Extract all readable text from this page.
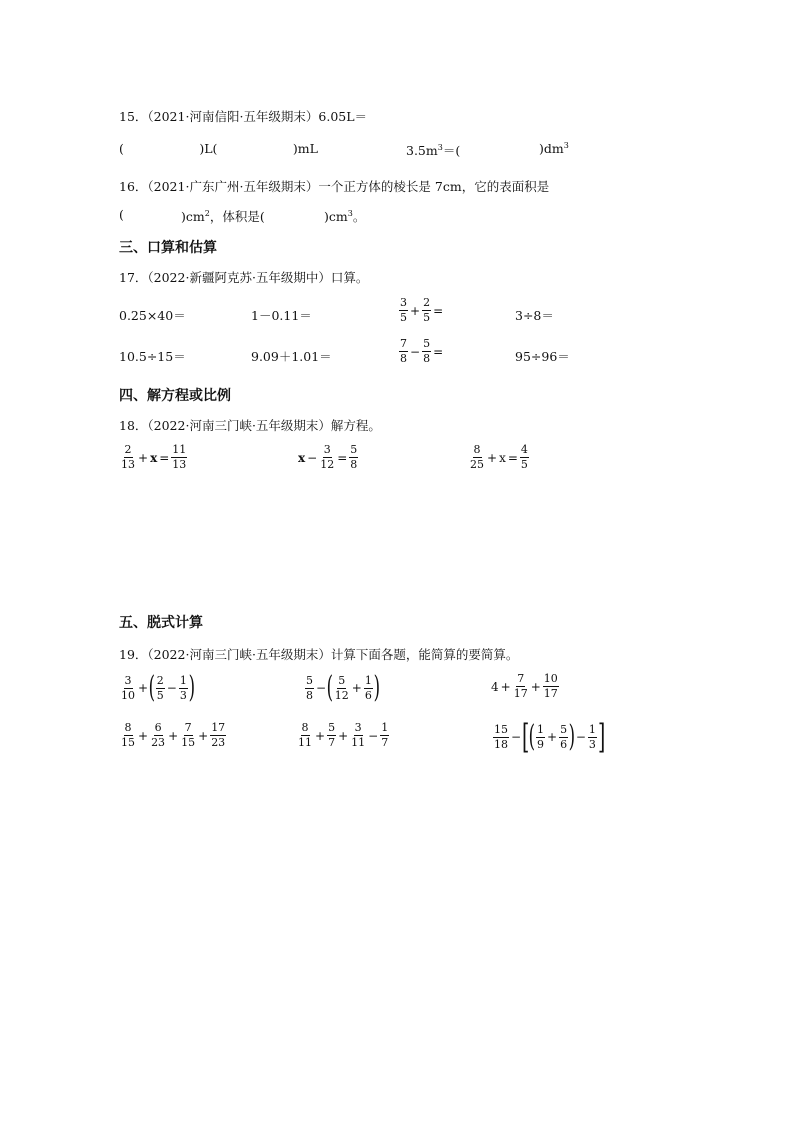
15．（2021·河南信阳·五年级期末）6.05L＝
(                   )L(                   )mL	$3.5m^3=$(	)$dm^3$
16．（2021·广东广州·五年级期末）一个正方体的棱长是 7cm，它的表面积是
(	)$cm^2$，体积是(	)$cm^3$。
三、口算和估算
17．（2022·新疆阿克苏·五年级期中）口算。
0.25×40＝	1－0.11＝	$\frac{3}{5} + \frac{2}{5}$ =	3÷8＝
10.5÷15＝	9.09＋1.01＝	$\frac{7}{8} - \frac{5}{8}$ =	95÷96＝
四、解方程或比例
18．（2022·河南三门峡·五年级期末）解方程。
$\frac{2}{13} + x = \frac{11}{13}$	$x - \frac{3}{12} = \frac{5}{8}$	$\frac{8}{25} + x = \frac{4}{5}$
五、脱式计算
19．（2022·河南三门峡·五年级期末）计算下面各题，能简算的要简算。
$\frac{3}{10}$ + ( $\frac{2}{5} - \frac{1}{3}$ )	$\frac{5}{8}$ − ( $\frac{5}{12} + \frac{1}{6}$ )	$4 + \frac{7}{17} + \frac{10}{17}$
$\frac{8}{15} + \frac{6}{23} + \frac{7}{15} + \frac{17}{23}$	$\frac{8}{11} + \frac{5}{7} + \frac{3}{11} - \frac{1}{7}$	$\frac{15}{18}$ − [ ( $\frac{1}{9} + \frac{5}{6}$ ) − $\frac{1}{3}$ ]
